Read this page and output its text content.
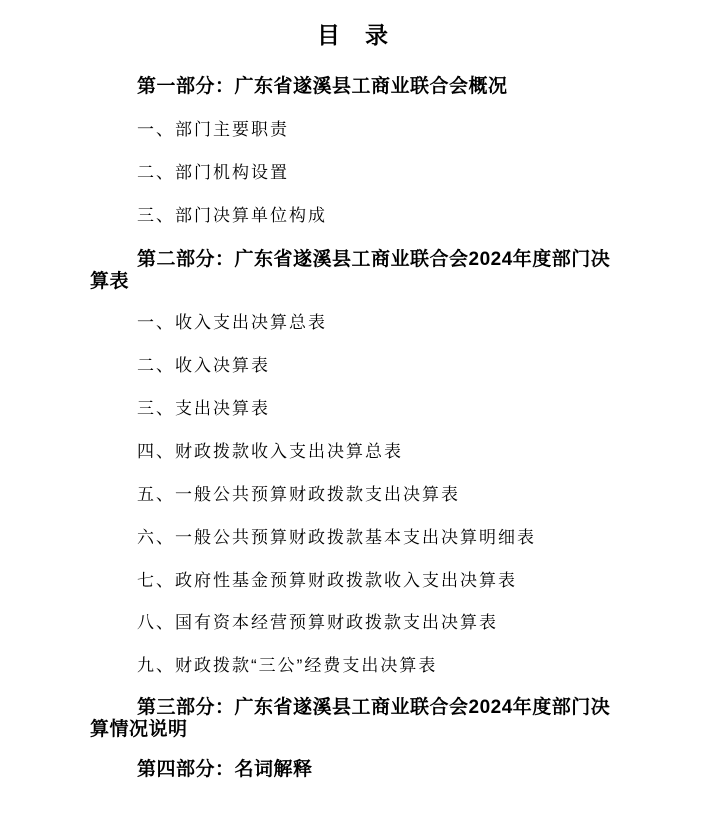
目　录
第一部分：广东省遂溪县工商业联合会概况
一、部门主要职责
二、部门机构设置
三、部门决算单位构成
第二部分：广东省遂溪县工商业联合会2024年度部门决
算表
一、收入支出决算总表
二、收入决算表
三、支出决算表
四、财政拨款收入支出决算总表
五、一般公共预算财政拨款支出决算表
六、一般公共预算财政拨款基本支出决算明细表
七、政府性基金预算财政拨款收入支出决算表
八、国有资本经营预算财政拨款支出决算表
九、财政拨款“三公”经费支出决算表
第三部分：广东省遂溪县工商业联合会2024年度部门决
算情况说明
第四部分：名词解释
